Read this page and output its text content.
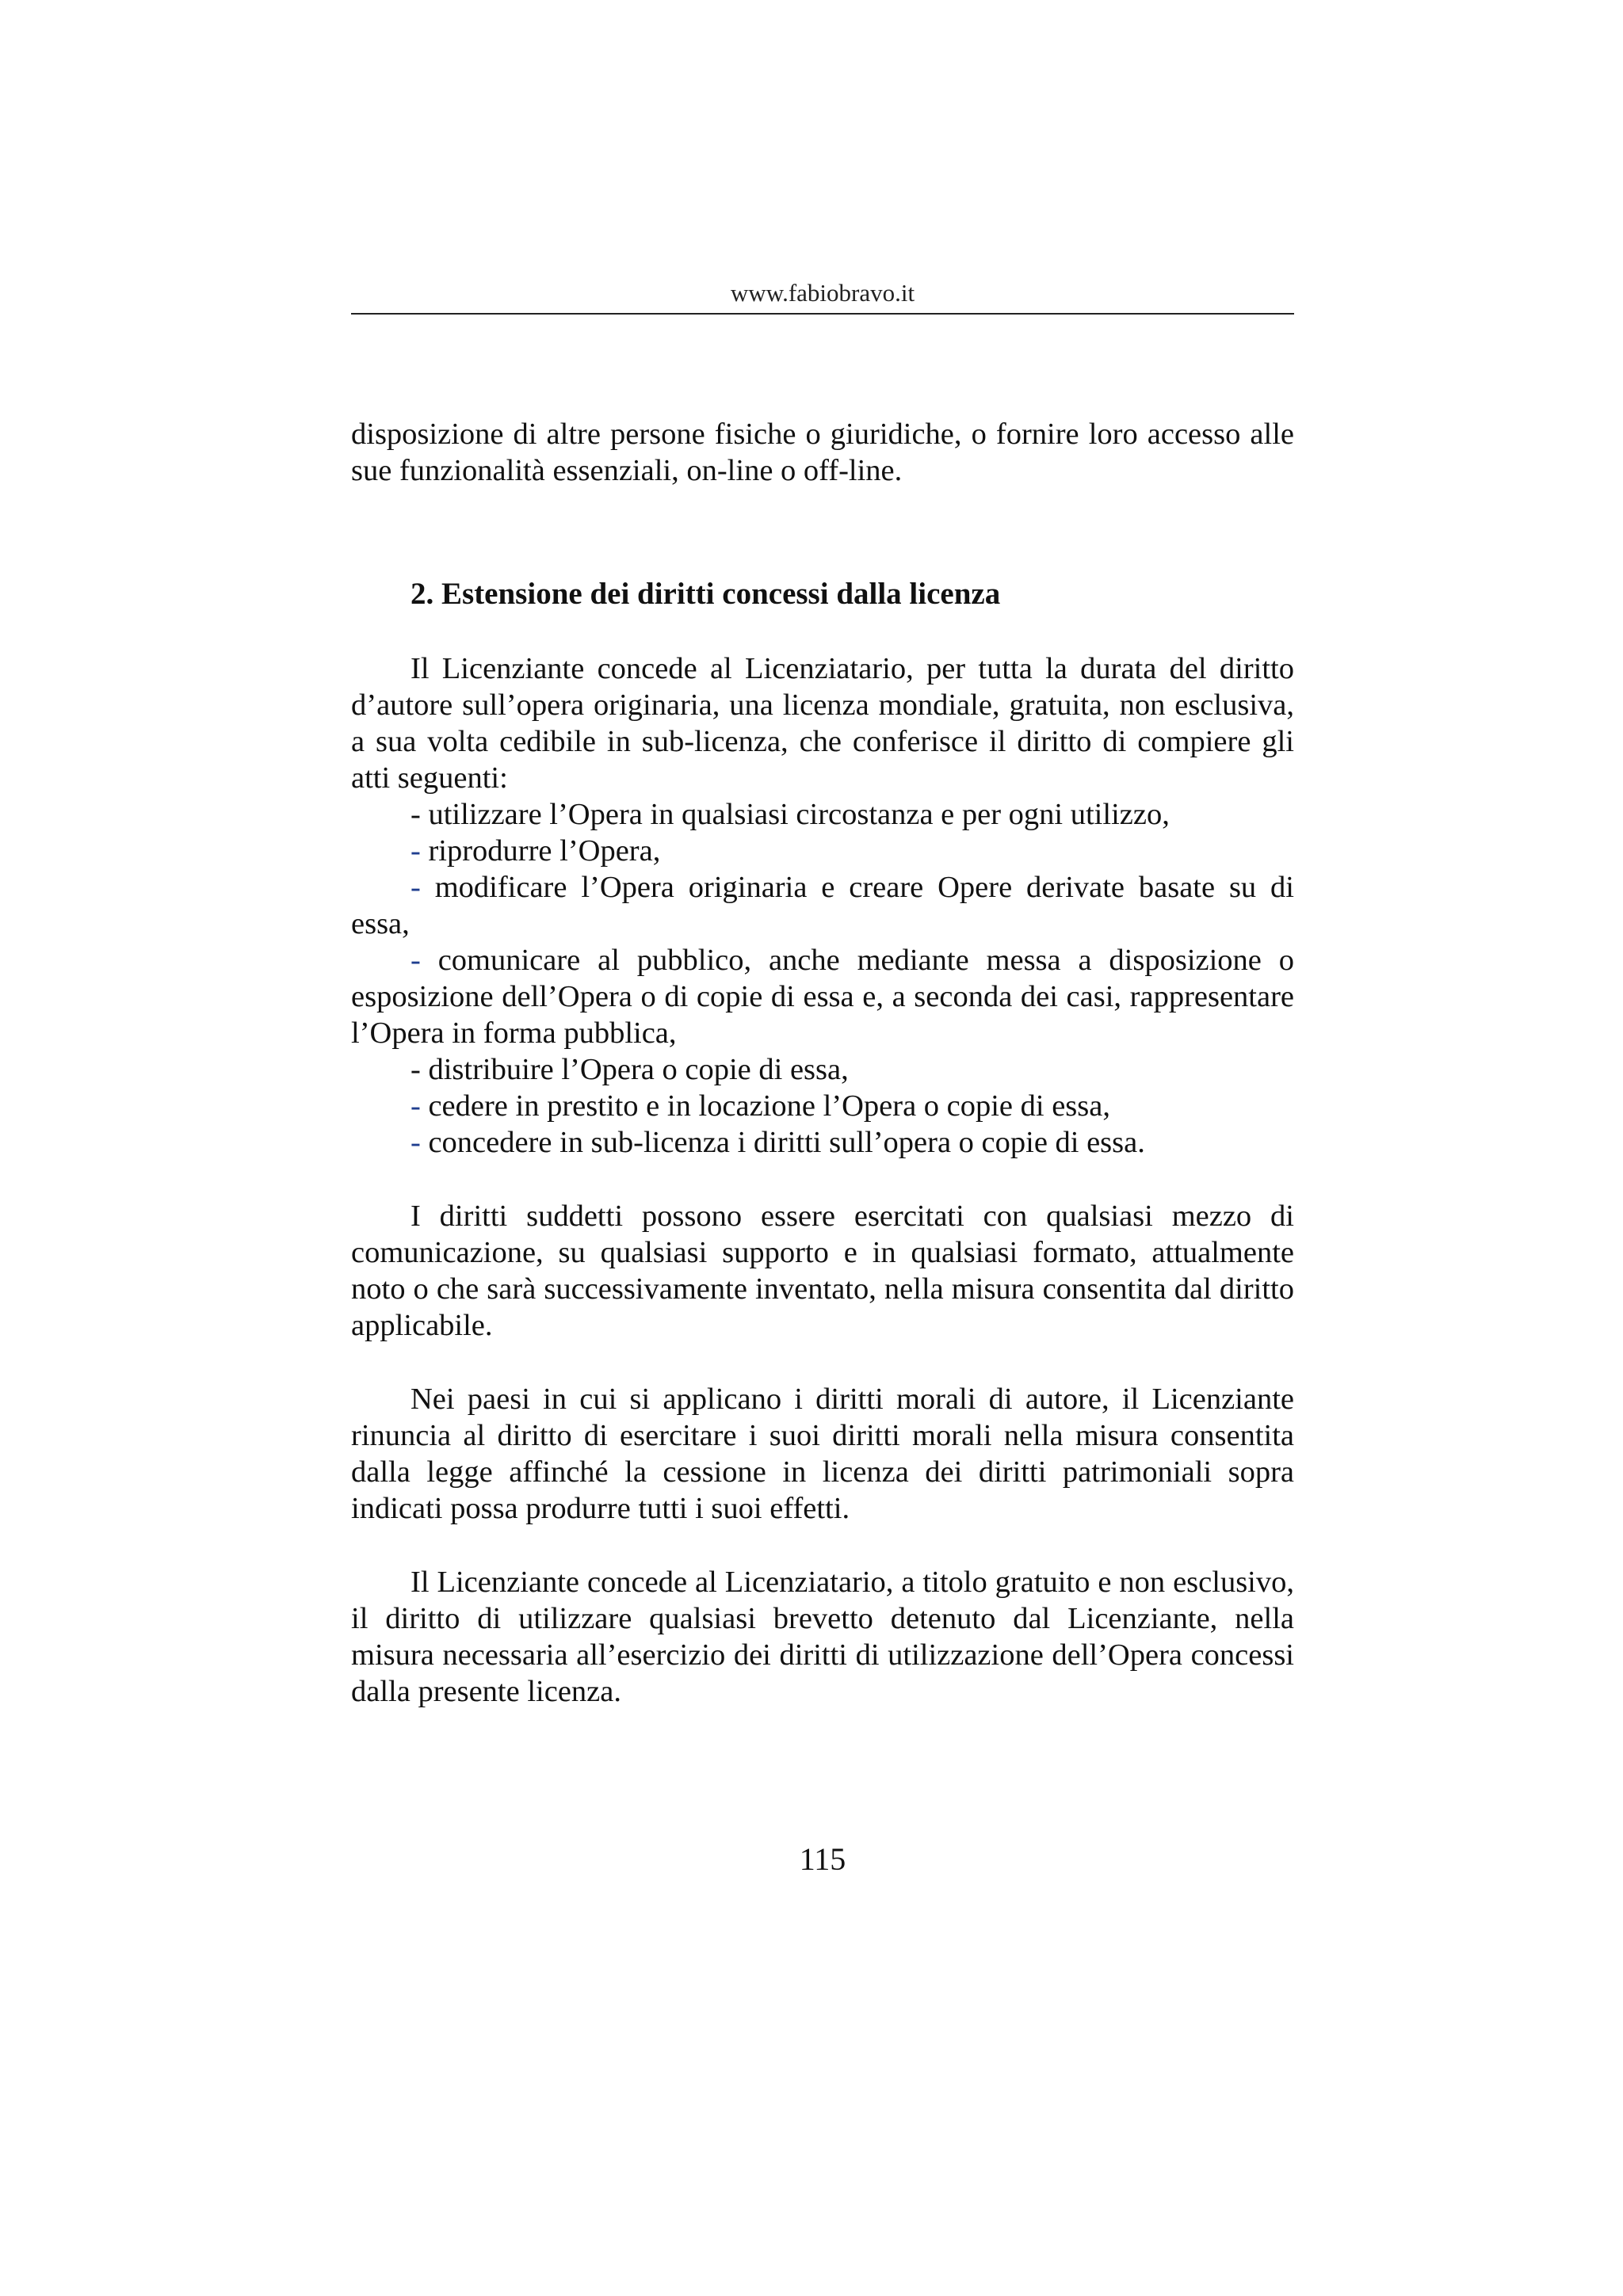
www.fabiobravo.it

disposizione di altre persone fisiche o giuridiche, o fornire loro accesso alle sue funzionalità essenziali, on-line o off-line.

2. Estensione dei diritti concessi dalla licenza

Il Licenziante concede al Licenziatario, per tutta la durata del diritto d’autore sull’opera originaria, una licenza mondiale, gratuita, non esclusiva, a sua volta cedibile in sub-licenza, che conferisce il diritto di compiere gli atti seguenti:

- utilizzare l’Opera in qualsiasi circostanza e per ogni utilizzo,

- riprodurre l’Opera,

- modificare l’Opera originaria e creare Opere derivate basate su di essa,

- comunicare al pubblico, anche mediante messa a disposizione o esposizione dell’Opera o di copie di essa e, a seconda dei casi, rappresentare l’Opera in forma pubblica,

- distribuire l’Opera o copie di essa,

- cedere in prestito e in locazione l’Opera o copie di essa,

- concedere in sub-licenza i diritti sull’opera o copie di essa.

I diritti suddetti possono essere esercitati con qualsiasi mezzo di comunicazione, su qualsiasi supporto e in qualsiasi formato, attualmente noto o che sarà successivamente inventato, nella misura consentita dal diritto applicabile.

Nei paesi in cui si applicano i diritti morali di autore, il Licenziante rinuncia al diritto di esercitare i suoi diritti morali nella misura consentita dalla legge affinché la cessione in licenza dei diritti patrimoniali sopra indicati possa produrre tutti i suoi effetti.

Il Licenziante concede al Licenziatario, a titolo gratuito e non esclusivo, il diritto di utilizzare qualsiasi brevetto detenuto dal Licenziante, nella misura necessaria all’esercizio dei diritti di utilizzazione dell’Opera concessi dalla presente licenza.

115
